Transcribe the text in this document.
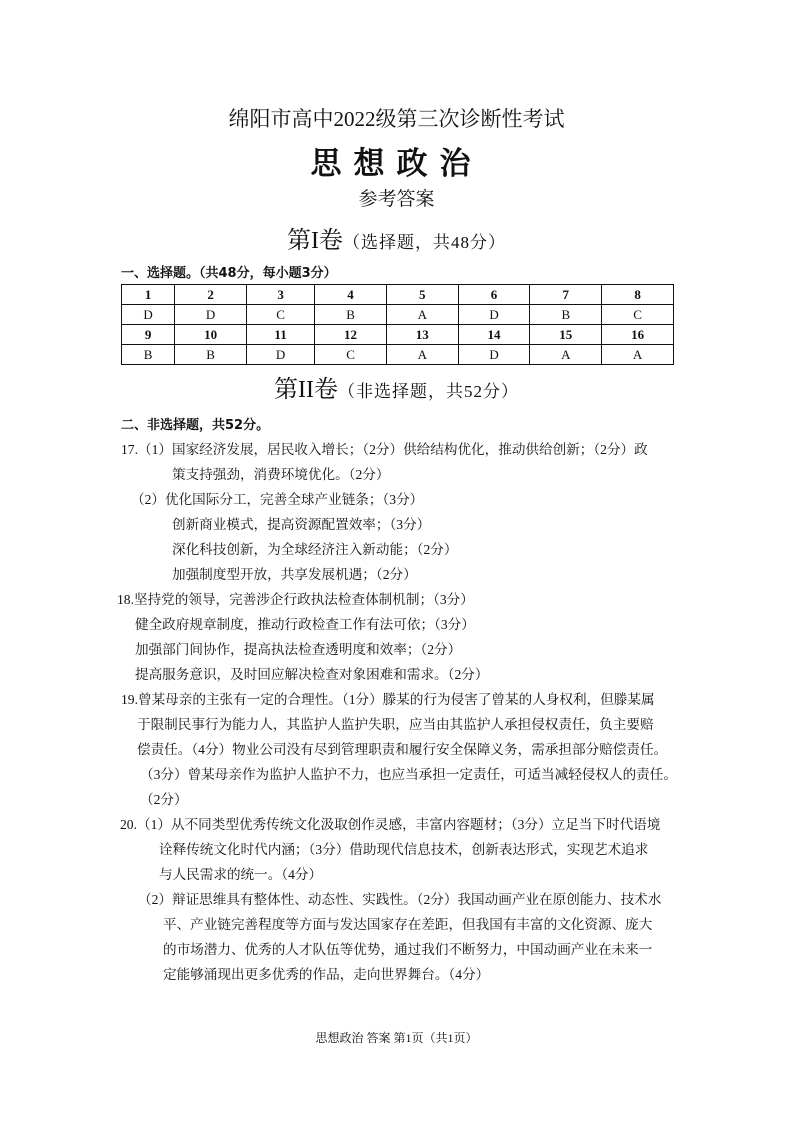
绵阳市高中2022级第三次诊断性考试
思想政治
参考答案
第I卷（选择题，共48分）
一、选择题。（共48分，每小题3分）
1	2	3	4	5	6	7	8
D	D	C	B	A	D	B	C
9	10	11	12	13	14	15	16
B	B	D	C	A	D	A	A
第II卷（非选择题，共52分）
二、非选择题，共52分。
17.（1）国家经济发展，居民收入增长；（2分）供给结构优化，推动供给创新；（2分）政
策支持强劲，消费环境优化。（2分）
（2）优化国际分工，完善全球产业链条；（3分）
创新商业模式，提高资源配置效率；（3分）
深化科技创新，为全球经济注入新动能；（2分）
加强制度型开放，共享发展机遇；（2分）
18.坚持党的领导，完善涉企行政执法检查体制机制；（3分）
健全政府规章制度，推动行政检查工作有法可依；（3分）
加强部门间协作，提高执法检查透明度和效率；（2分）
提高服务意识，及时回应解决检查对象困难和需求。（2分）
19.曾某母亲的主张有一定的合理性。（1分）滕某的行为侵害了曾某的人身权利，但滕某属
于限制民事行为能力人，其监护人监护失职，应当由其监护人承担侵权责任，负主要赔
偿责任。（4分）物业公司没有尽到管理职责和履行安全保障义务，需承担部分赔偿责任。
（3分）曾某母亲作为监护人监护不力，也应当承担一定责任，可适当减轻侵权人的责任。
（2分）
20.（1）从不同类型优秀传统文化汲取创作灵感，丰富内容题材；（3分）立足当下时代语境
诠释传统文化时代内涵；（3分）借助现代信息技术，创新表达形式，实现艺术追求
与人民需求的统一。（4分）
（2）辩证思维具有整体性、动态性、实践性。（2分）我国动画产业在原创能力、技术水
平、产业链完善程度等方面与发达国家存在差距，但我国有丰富的文化资源、庞大
的市场潜力、优秀的人才队伍等优势，通过我们不断努力，中国动画产业在未来一
定能够涌现出更多优秀的作品，走向世界舞台。（4分）
思想政治 答案 第1页（共1页）
